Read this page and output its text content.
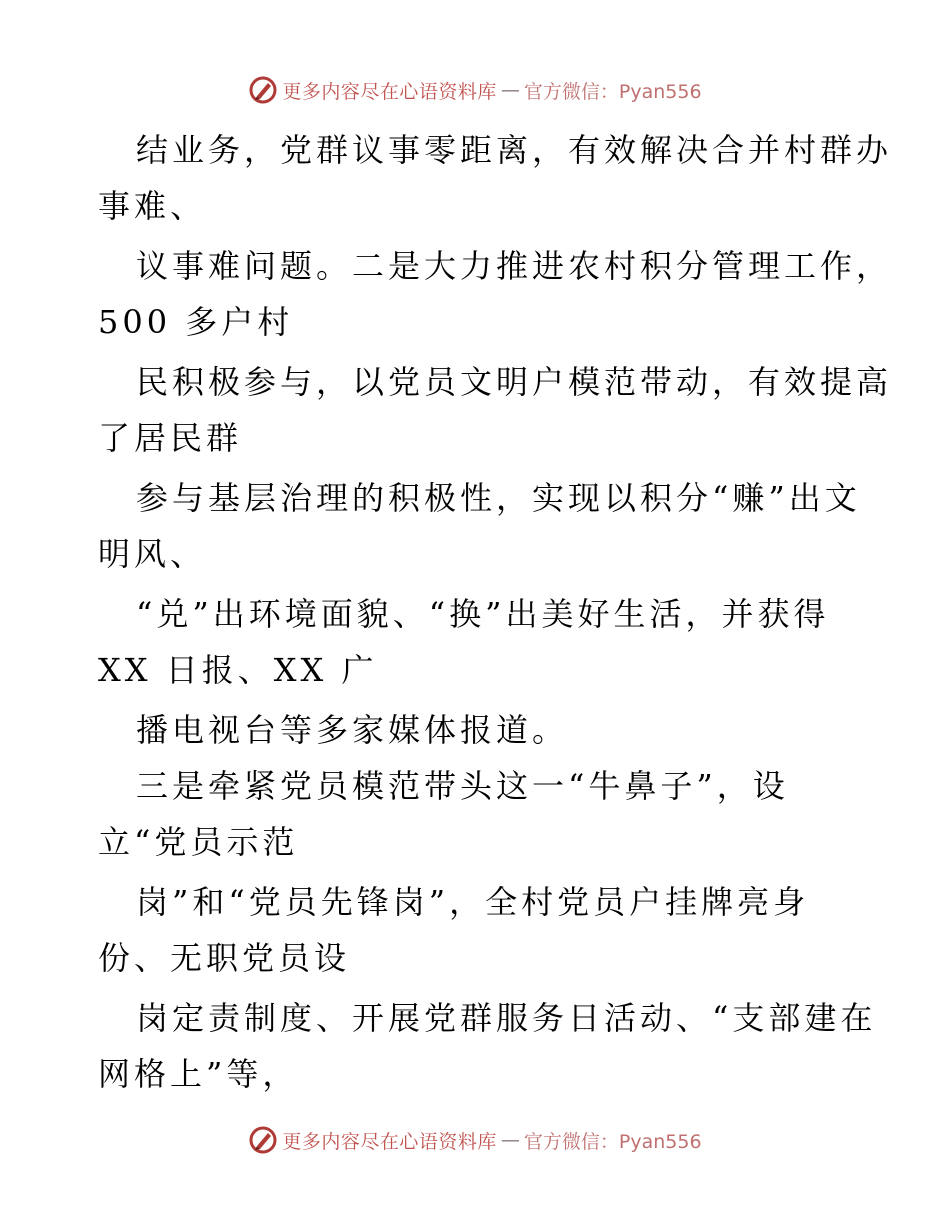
更多内容尽在心语资料库 — 官方微信：Pyan556
结业务，党群议事零距离，有效解决合并村群办
事难、
议事难问题。二是大力推进农村积分管理工作，
500 多户村
民积极参与，以党员文明户模范带动，有效提高
了居民群
参与基层治理的积极性，实现以积分“赚”出文
明风、
“兑”出环境面貌、“换”出美好生活，并获得
XX 日报、XX 广
播电视台等多家媒体报道。
三是牵紧党员模范带头这一“牛鼻子”，设
立“党员示范
岗”和“党员先锋岗”，全村党员户挂牌亮身
份、无职党员设
岗定责制度、开展党群服务日活动、“支部建在
网格上”等，
更多内容尽在心语资料库 — 官方微信：Pyan556
